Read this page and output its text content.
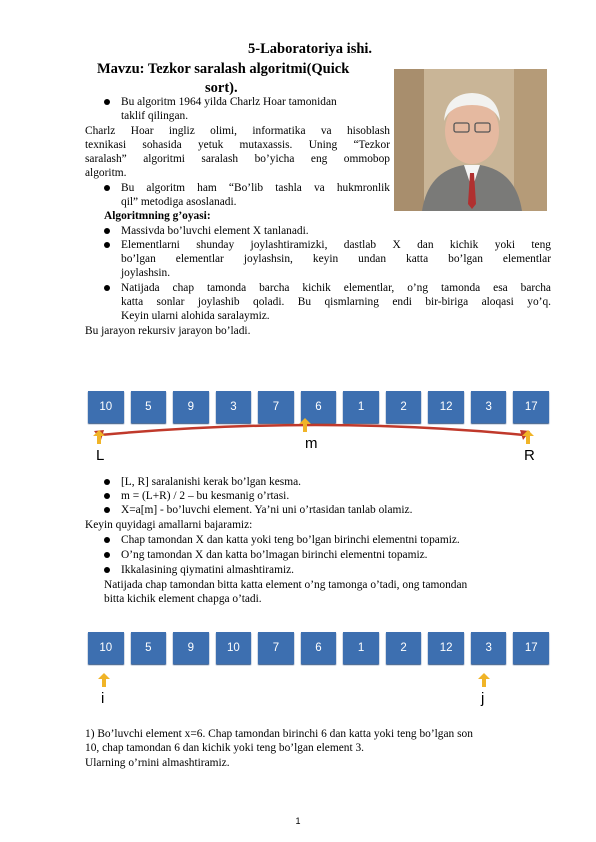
5-Laboratoriya ishi.
Mavzu: Tezkor saralash algoritmi(Quick
sort).
Bu algoritm 1964 yilda Charlz Hoar tamonidan
taklif qilingan.
Charlz Hoar ingliz olimi, informatika va hisoblash
texnikasi sohasida yetuk mutaxassis. Uning “Tezkor
saralash” algoritmi saralash bo’yicha eng ommobop
algoritm.
Bu algoritm ham “Bo’lib tashla va hukmronlik
qil” metodiga asoslanadi.
Algoritmning g’oyasi:
Massivda bo’luvchi element X tanlanadi.
Elementlarni shunday joylashtiramizki, dastlab X dan kichik yoki teng
bo’lgan elementlar joylashsin, keyin undan katta bo’lgan elementlar
joylashsin.
Natijada chap tamonda barcha kichik elementlar, o’ng tamonda esa barcha
katta sonlar joylashib qoladi. Bu qismlarning endi bir-biriga aloqasi yo’q.
Keyin ularni alohida saralaymiz.
Bu jarayon rekursiv jarayon bo’ladi.
10	5	9	3	7	6	1	2	12	3	17
L
m
R
[L, R] saralanishi kerak bo’lgan kesma.
m = (L+R) / 2 – bu kesmanig o’rtasi.
X=a[m] - bo’luvchi element. Ya’ni uni o’rtasidan tanlab olamiz.
Keyin quyidagi amallarni bajaramiz:
Chap tamondan X dan katta yoki teng bo’lgan birinchi elementni topamiz.
O’ng tamondan X dan katta bo’lmagan birinchi elementni topamiz.
Ikkalasining qiymatini almashtiramiz.
Natijada chap tamondan bitta katta element o’ng tamonga o’tadi, ong tamondan
bitta kichik element chapga o’tadi.
10	5	9	10	7	6	1	2	12	3	17
i	j
1) Bo’luvchi element x=6. Chap tamondan birinchi 6 dan katta yoki teng bo’lgan son
10, chap tamondan 6 dan kichik yoki teng bo’lgan element 3.
Ularning o’rnini almashtiramiz.
1
